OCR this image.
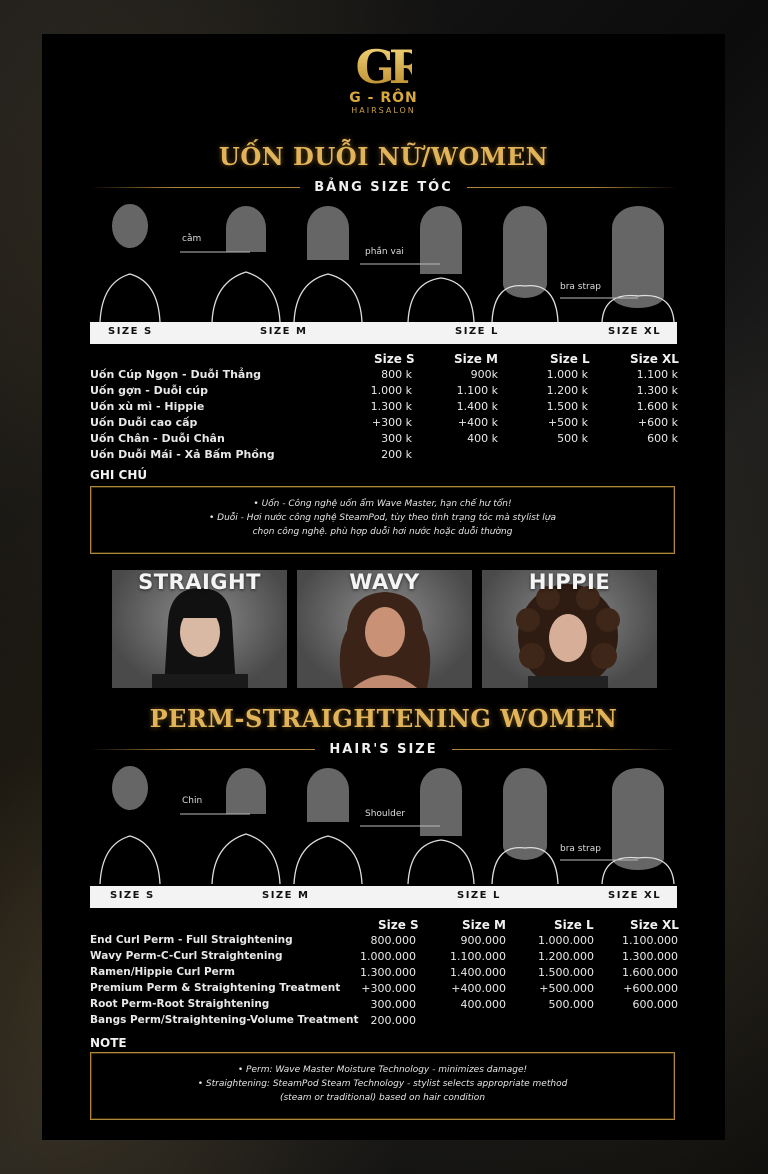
GR
G - RÔN
HAIRSALON
UỐN DUỖI NỮ/WOMEN
BẢNG SIZE TÓC
cằm
phần vai
bra strap
SIZE S	SIZE M	SIZE L	SIZE XL
Size S	Size M	Size L	Size XL
Uốn Cúp Ngọn - Duỗi Thẳng	800 k	900k	1.000 k	1.100 k
Uốn gợn - Duỗi cúp	1.000 k	1.100 k	1.200 k	1.300 k
Uốn xù mì - Hippie	1.300 k	1.400 k	1.500 k	1.600 k
Uốn Duỗi cao cấp	+300 k	+400 k	+500 k	+600 k
Uốn Chân - Duỗi Chân	300 k	400 k	500 k	600 k
Uốn Duỗi Mái - Xả Bấm Phồng	200 k
GHI CHÚ

• Uốn - Công nghệ uốn ẩm Wave Master, hạn chế hư tổn!

• Duỗi - Hơi nước công nghệ SteamPod, tùy theo tình trạng tóc mà stylist lựa

chọn công nghệ. phù hợp duỗi hơi nước hoặc duỗi thường

STRAIGHT	WAVY	HIPPIE
PERM-STRAIGHTENING WOMEN
HAIR'S SIZE
Chin
Shoulder
bra strap
SIZE S	SIZE M	SIZE L	SIZE XL
Size S	Size M	Size L	Size XL
End Curl Perm - Full Straightening	800.000	900.000	1.000.000	1.100.000
Wavy Perm-C-Curl Straightening	1.000.000	1.100.000	1.200.000	1.300.000
Ramen/Hippie Curl Perm	1.300.000	1.400.000	1.500.000	1.600.000
Premium Perm & Straightening Treatment	+300.000	+400.000	+500.000	+600.000
Root Perm-Root Straightening	300.000	400.000	500.000	600.000
Bangs Perm/Straightening-Volume Treatment	200.000
NOTE

• Perm: Wave Master Moisture Technology - minimizes damage!

• Straightening: SteamPod Steam Technology - stylist selects appropriate method

(steam or traditional) based on hair condition
